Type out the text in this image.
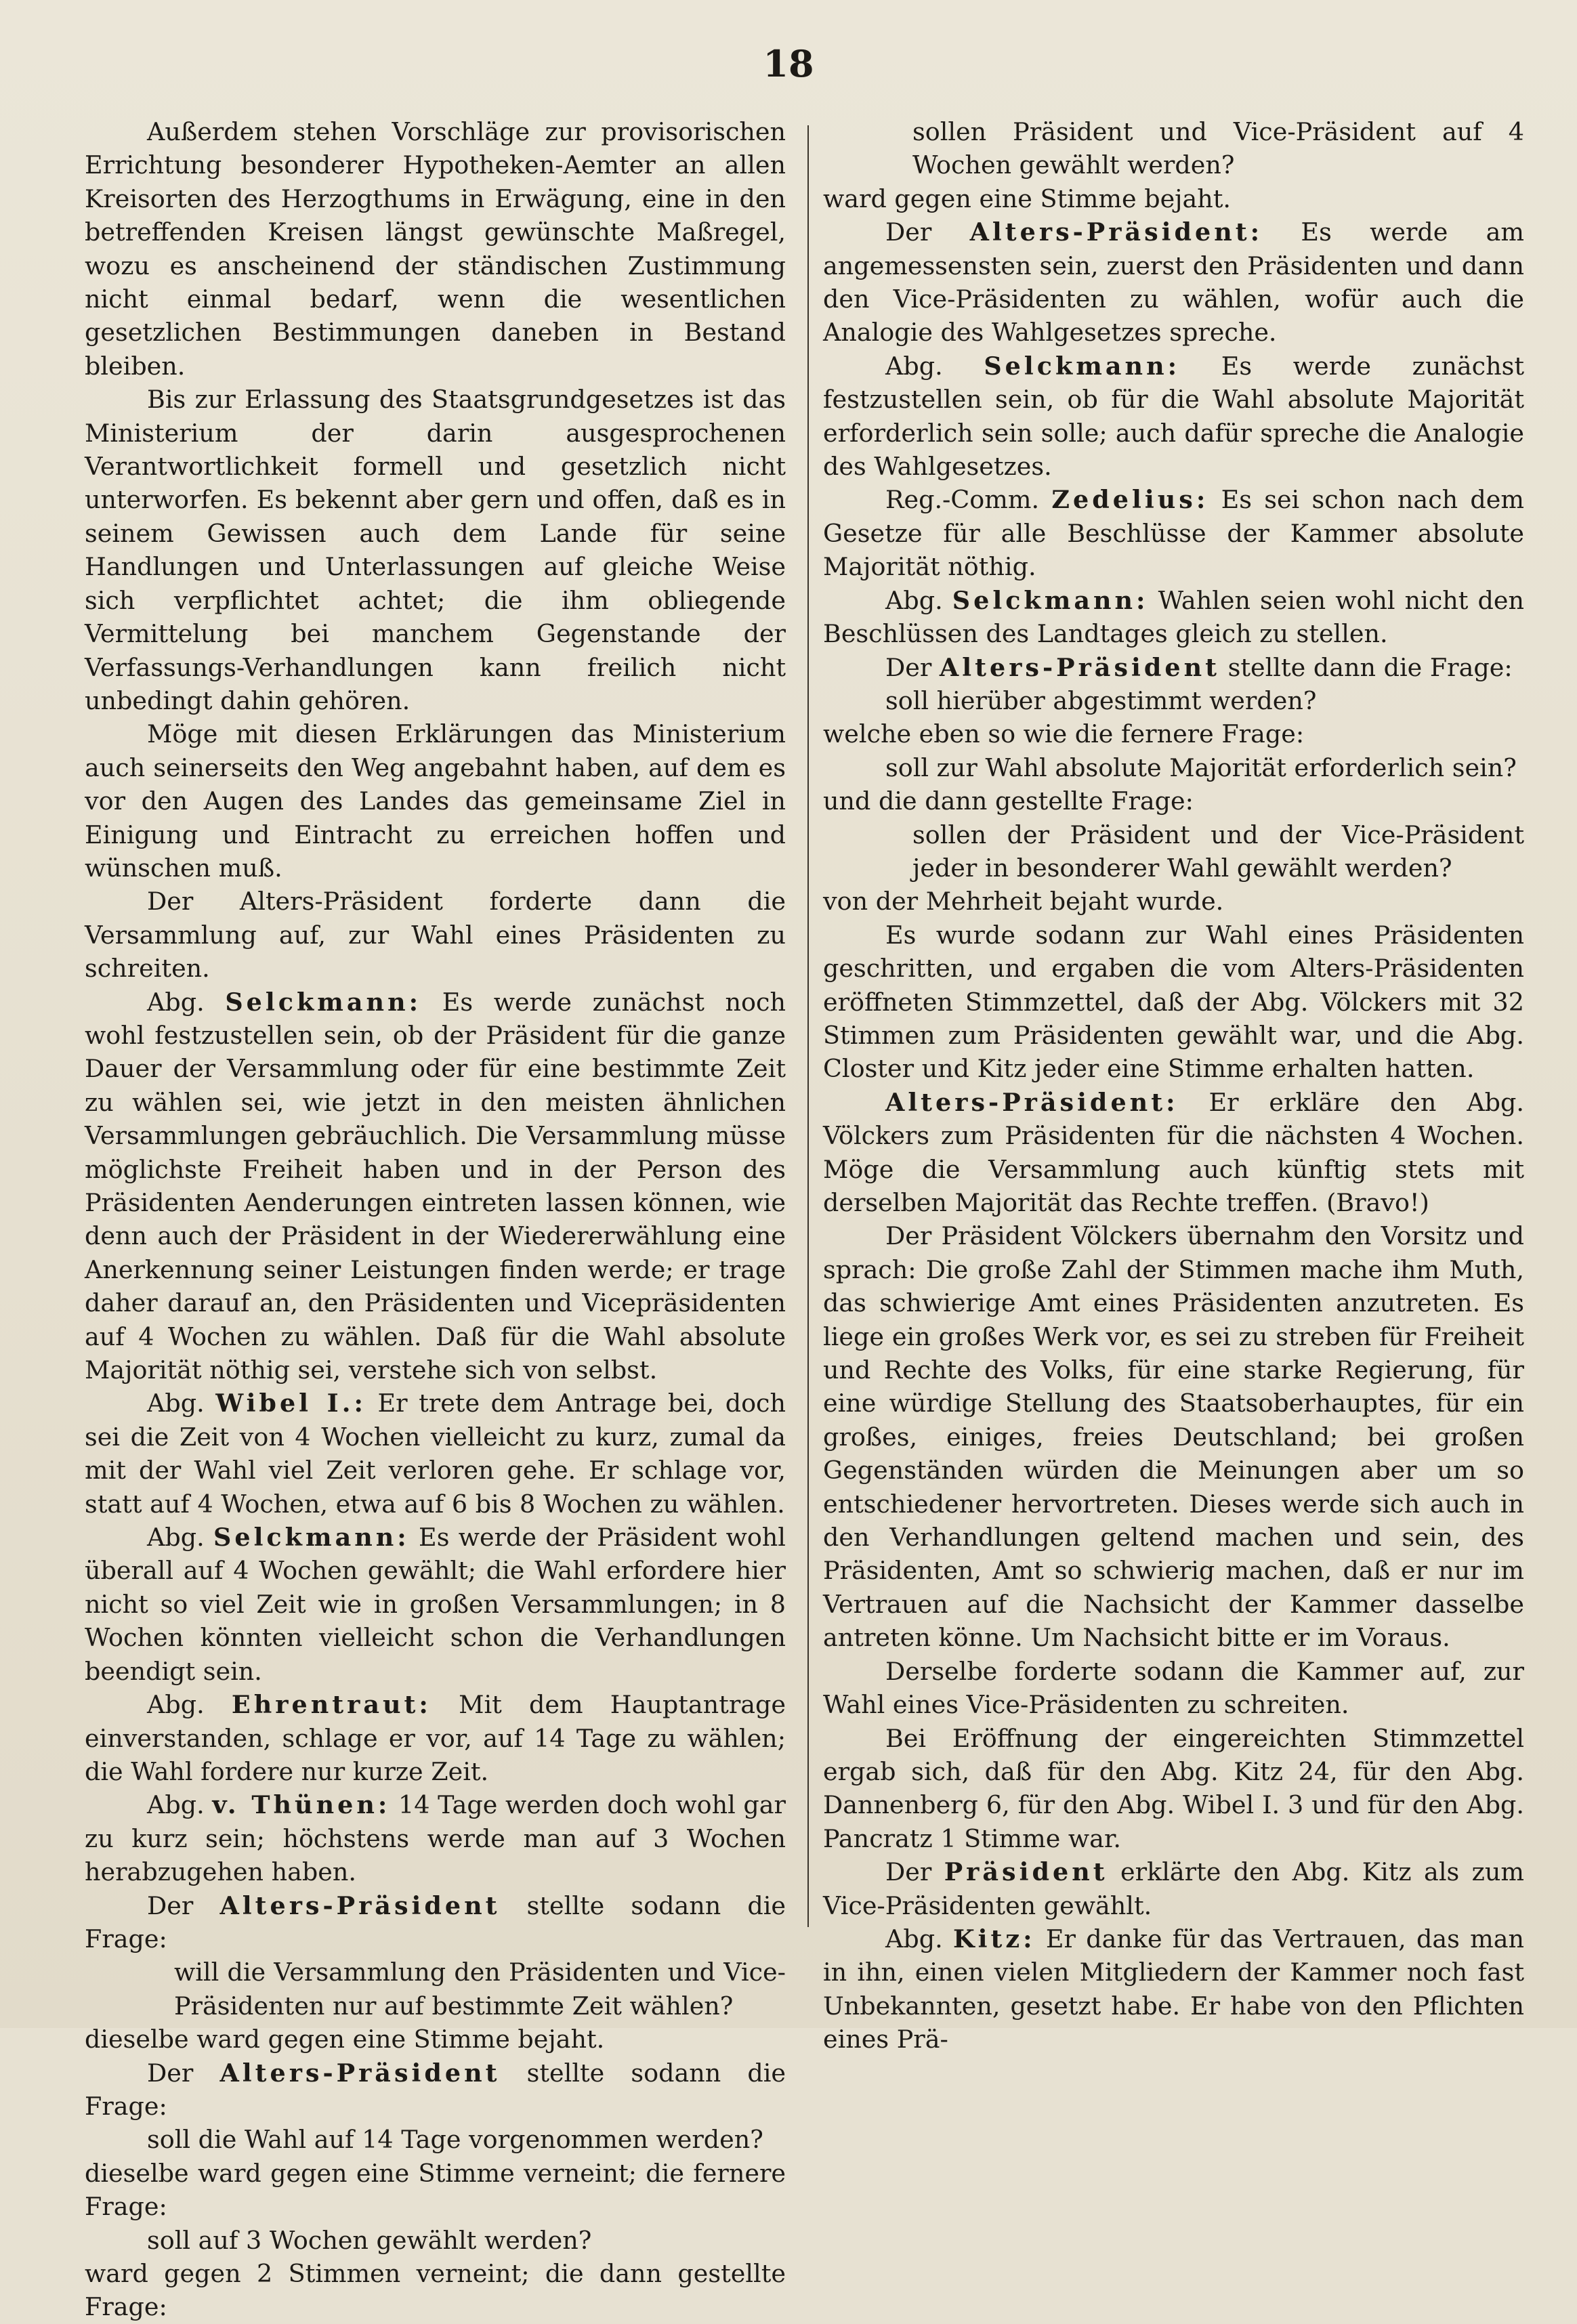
18

Außerdem stehen Vorschläge zur provisorischen Errichtung besonderer Hypotheken-Aemter an allen Kreisorten des Herzogthums in Erwägung, eine in den betreffenden Kreisen längst gewünschte Maßregel, wozu es anscheinend der ständischen Zustimmung nicht einmal bedarf, wenn die wesentlichen gesetzlichen Bestimmungen daneben in Bestand bleiben.

Bis zur Erlassung des Staatsgrundgesetzes ist das Ministerium der darin ausgesprochenen Verantwortlichkeit formell und gesetzlich nicht unterworfen. Es bekennt aber gern und offen, daß es in seinem Gewissen auch dem Lande für seine Handlungen und Unterlassungen auf gleiche Weise sich verpflichtet achtet; die ihm obliegende Vermittelung bei manchem Gegenstande der Verfassungs-Verhandlungen kann freilich nicht unbedingt dahin gehören.

Möge mit diesen Erklärungen das Ministerium auch seinerseits den Weg angebahnt haben, auf dem es vor den Augen des Landes das gemeinsame Ziel in Einigung und Eintracht zu erreichen hoffen und wünschen muß.

Der Alters-Präsident forderte dann die Versammlung auf, zur Wahl eines Präsidenten zu schreiten.

Abg. Selckmann: Es werde zunächst noch wohl festzustellen sein, ob der Präsident für die ganze Dauer der Versammlung oder für eine bestimmte Zeit zu wählen sei, wie jetzt in den meisten ähnlichen Versammlungen gebräuchlich. Die Versammlung müsse möglichste Freiheit haben und in der Person des Präsidenten Aenderungen eintreten lassen können, wie denn auch der Präsident in der Wiedererwählung eine Anerkennung seiner Leistungen finden werde; er trage daher darauf an, den Präsidenten und Vicepräsidenten auf 4 Wochen zu wählen. Daß für die Wahl absolute Majorität nöthig sei, verstehe sich von selbst.

Abg. Wibel I.: Er trete dem Antrage bei, doch sei die Zeit von 4 Wochen vielleicht zu kurz, zumal da mit der Wahl viel Zeit verloren gehe. Er schlage vor, statt auf 4 Wochen, etwa auf 6 bis 8 Wochen zu wählen.

Abg. Selckmann: Es werde der Präsident wohl überall auf 4 Wochen gewählt; die Wahl erfordere hier nicht so viel Zeit wie in großen Versammlungen; in 8 Wochen könnten vielleicht schon die Verhandlungen beendigt sein.

Abg. Ehrentraut: Mit dem Hauptantrage einverstanden, schlage er vor, auf 14 Tage zu wählen; die Wahl fordere nur kurze Zeit.

Abg. v. Thünen: 14 Tage werden doch wohl gar zu kurz sein; höchstens werde man auf 3 Wochen herabzugehen haben.

Der Alters-Präsident stellte sodann die Frage:

will die Versammlung den Präsidenten und Vice-Präsidenten nur auf bestimmte Zeit wählen?

dieselbe ward gegen eine Stimme bejaht.

Der Alters-Präsident stellte sodann die Frage:

soll die Wahl auf 14 Tage vorgenommen werden?

dieselbe ward gegen eine Stimme verneint; die fernere Frage:

soll auf 3 Wochen gewählt werden?

ward gegen 2 Stimmen verneint; die dann gestellte Frage:

sollen Präsident und Vice-Präsident auf 4 Wochen gewählt werden?

ward gegen eine Stimme bejaht.

Der Alters-Präsident: Es werde am angemessensten sein, zuerst den Präsidenten und dann den Vice-Präsidenten zu wählen, wofür auch die Analogie des Wahlgesetzes spreche.

Abg. Selckmann: Es werde zunächst festzustellen sein, ob für die Wahl absolute Majorität erforderlich sein solle; auch dafür spreche die Analogie des Wahlgesetzes.

Reg.-Comm. Zedelius: Es sei schon nach dem Gesetze für alle Beschlüsse der Kammer absolute Majorität nöthig.

Abg. Selckmann: Wahlen seien wohl nicht den Beschlüssen des Landtages gleich zu stellen.

Der Alters-Präsident stellte dann die Frage:

soll hierüber abgestimmt werden?

welche eben so wie die fernere Frage:

soll zur Wahl absolute Majorität erforderlich sein?

und die dann gestellte Frage:

sollen der Präsident und der Vice-Präsident jeder in besonderer Wahl gewählt werden?

von der Mehrheit bejaht wurde.

Es wurde sodann zur Wahl eines Präsidenten geschritten, und ergaben die vom Alters-Präsidenten eröffneten Stimmzettel, daß der Abg. Völckers mit 32 Stimmen zum Präsidenten gewählt war, und die Abg. Closter und Kitz jeder eine Stimme erhalten hatten.

Alters-Präsident: Er erkläre den Abg. Völckers zum Präsidenten für die nächsten 4 Wochen. Möge die Versammlung auch künftig stets mit derselben Majorität das Rechte treffen. (Bravo!)

Der Präsident Völckers übernahm den Vorsitz und sprach: Die große Zahl der Stimmen mache ihm Muth, das schwierige Amt eines Präsidenten anzutreten. Es liege ein großes Werk vor, es sei zu streben für Freiheit und Rechte des Volks, für eine starke Regierung, für eine würdige Stellung des Staatsoberhauptes, für ein großes, einiges, freies Deutschland; bei großen Gegenständen würden die Meinungen aber um so entschiedener hervortreten. Dieses werde sich auch in den Verhandlungen geltend machen und sein, des Präsidenten, Amt so schwierig machen, daß er nur im Vertrauen auf die Nachsicht der Kammer dasselbe antreten könne. Um Nachsicht bitte er im Voraus.

Derselbe forderte sodann die Kammer auf, zur Wahl eines Vice-Präsidenten zu schreiten.

Bei Eröffnung der eingereichten Stimmzettel ergab sich, daß für den Abg. Kitz 24, für den Abg. Dannenberg 6, für den Abg. Wibel I. 3 und für den Abg. Pancratz 1 Stimme war.

Der Präsident erklärte den Abg. Kitz als zum Vice-Präsidenten gewählt.

Abg. Kitz: Er danke für das Vertrauen, das man in ihn, einen vielen Mitgliedern der Kammer noch fast Unbekannten, gesetzt habe. Er habe von den Pflichten eines Prä-
